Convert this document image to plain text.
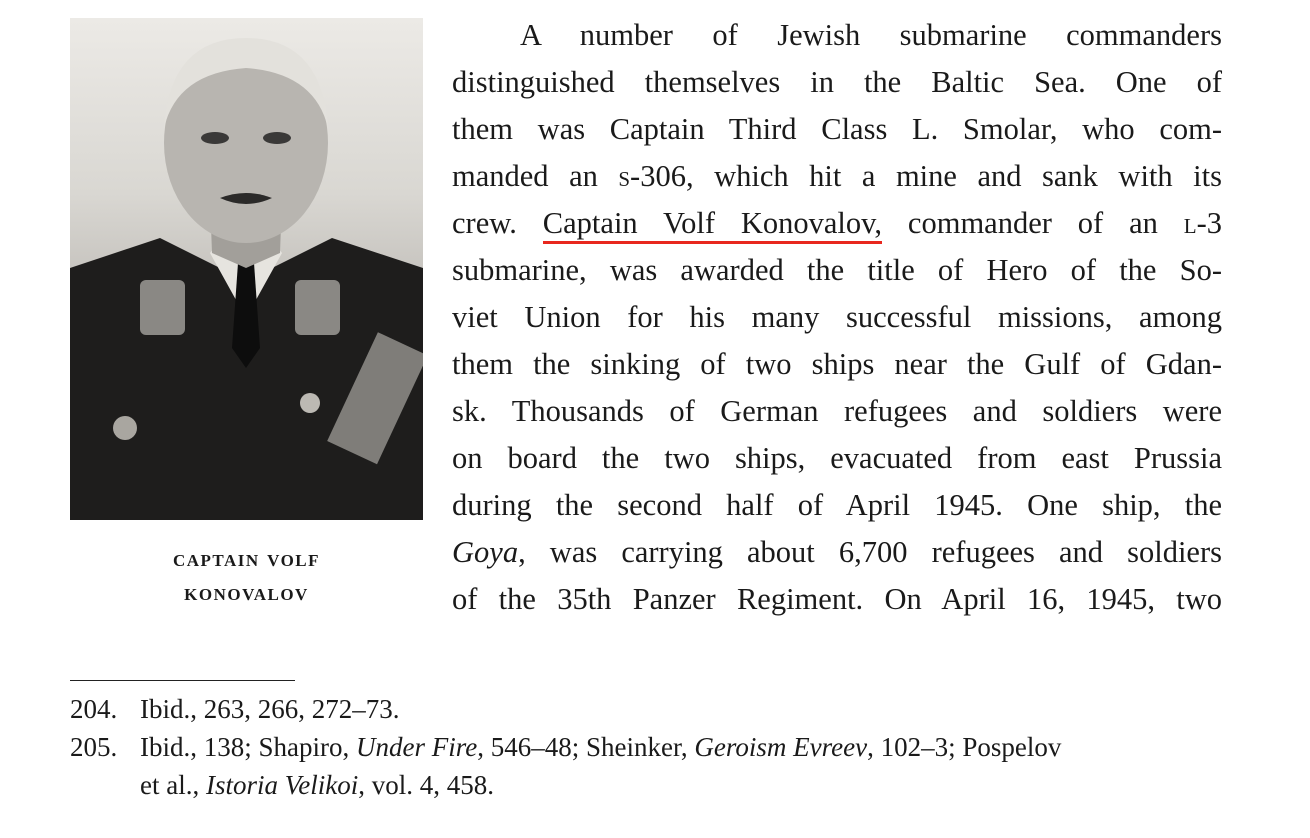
captain volf
konovalov
A number of Jewish submarine commanders
distinguished themselves in the Baltic Sea. One of
them was Captain Third Class L. Smolar, who com-
manded an s-306, which hit a mine and sank with its
crew. Captain Volf Konovalov, commander of an l-3
submarine, was awarded the title of Hero of the So-
viet Union for his many successful missions, among
them the sinking of two ships near the Gulf of Gdan-
sk. Thousands of German refugees and soldiers were
on board the two ships, evacuated from east Prussia
during the second half of April 1945. One ship, the
Goya, was carrying about 6,700 refugees and soldiers
of the 35th Panzer Regiment. On April 16, 1945, two
204. Ibid., 263, 266, 272–73.
205. Ibid., 138; Shapiro, Under Fire, 546–48; Sheinker, Geroism Evreev, 102–3; Pospelov
et al., Istoria Velikoi, vol. 4, 458.
